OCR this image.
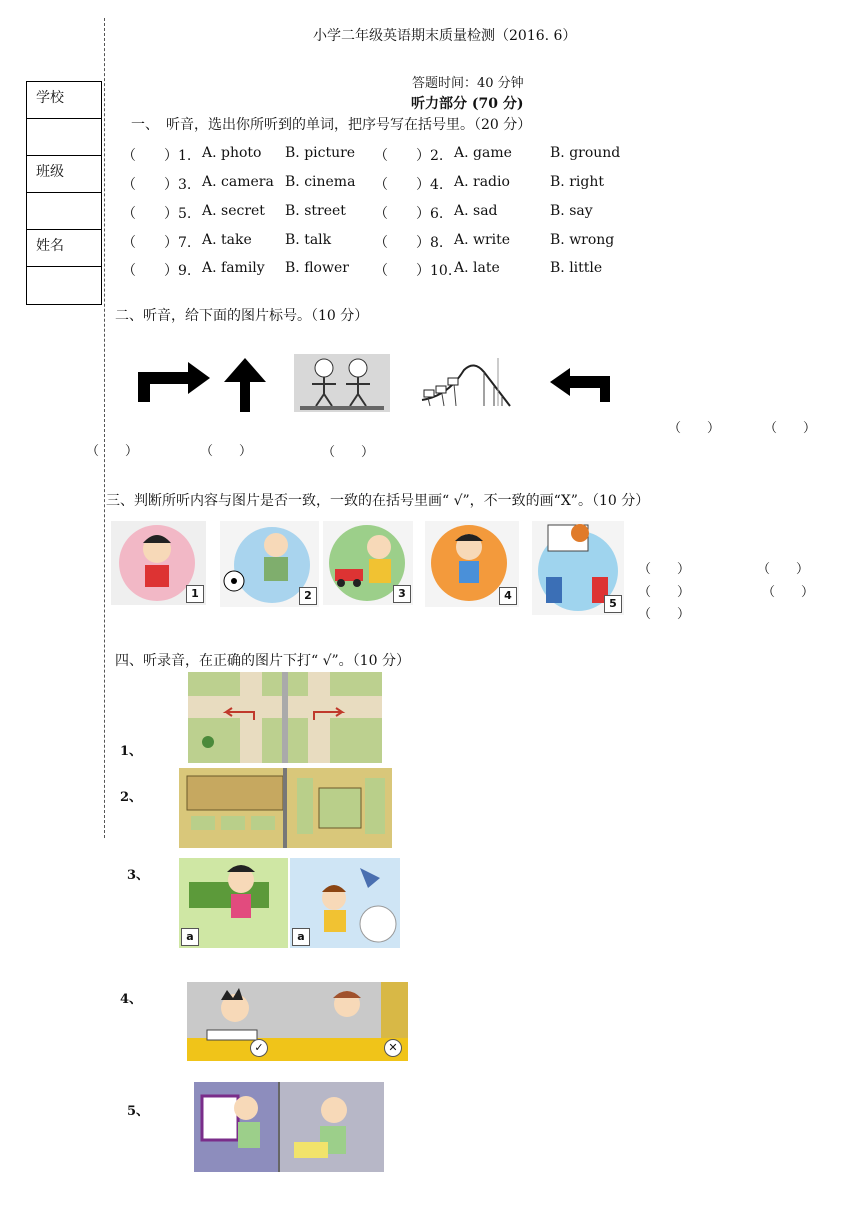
学校
班级
姓名
小学二年级英语期末质量检测（2016. 6）
答题时间：40 分钟
听力部分 (70 分)
一、　听音，选出你所听到的单词，把序号写在括号里。（20 分）
（　　）1. A. photo B. picture （　　）2. A. game	B. ground
（　　）3. A. camera B. cinema （　　）4. A. radio	B. right
（　　）5. A. secret B. street （　　）6. A. sad	B. say
（　　）7. A. take B. talk	（　　）8. A. write	B. wrong
（　　）9. A. family B. flower （　　）10. A. late	B. little
二、听音，给下面的图片标号。（10 分）
（　　）	（　　）
（　　）	（　　）	（　　）
三、判断所听内容与图片是否一致，一致的在括号里画“ √”，不一致的画“X”。（10 分）
1	2	3	4
5
（　　）	（　　）
（　　）	（　　）
（　　）
四、听录音，在正确的图片下打“ √”。（10 分）
1、
2、
3、
a	a
4、
✓	✕
5、
